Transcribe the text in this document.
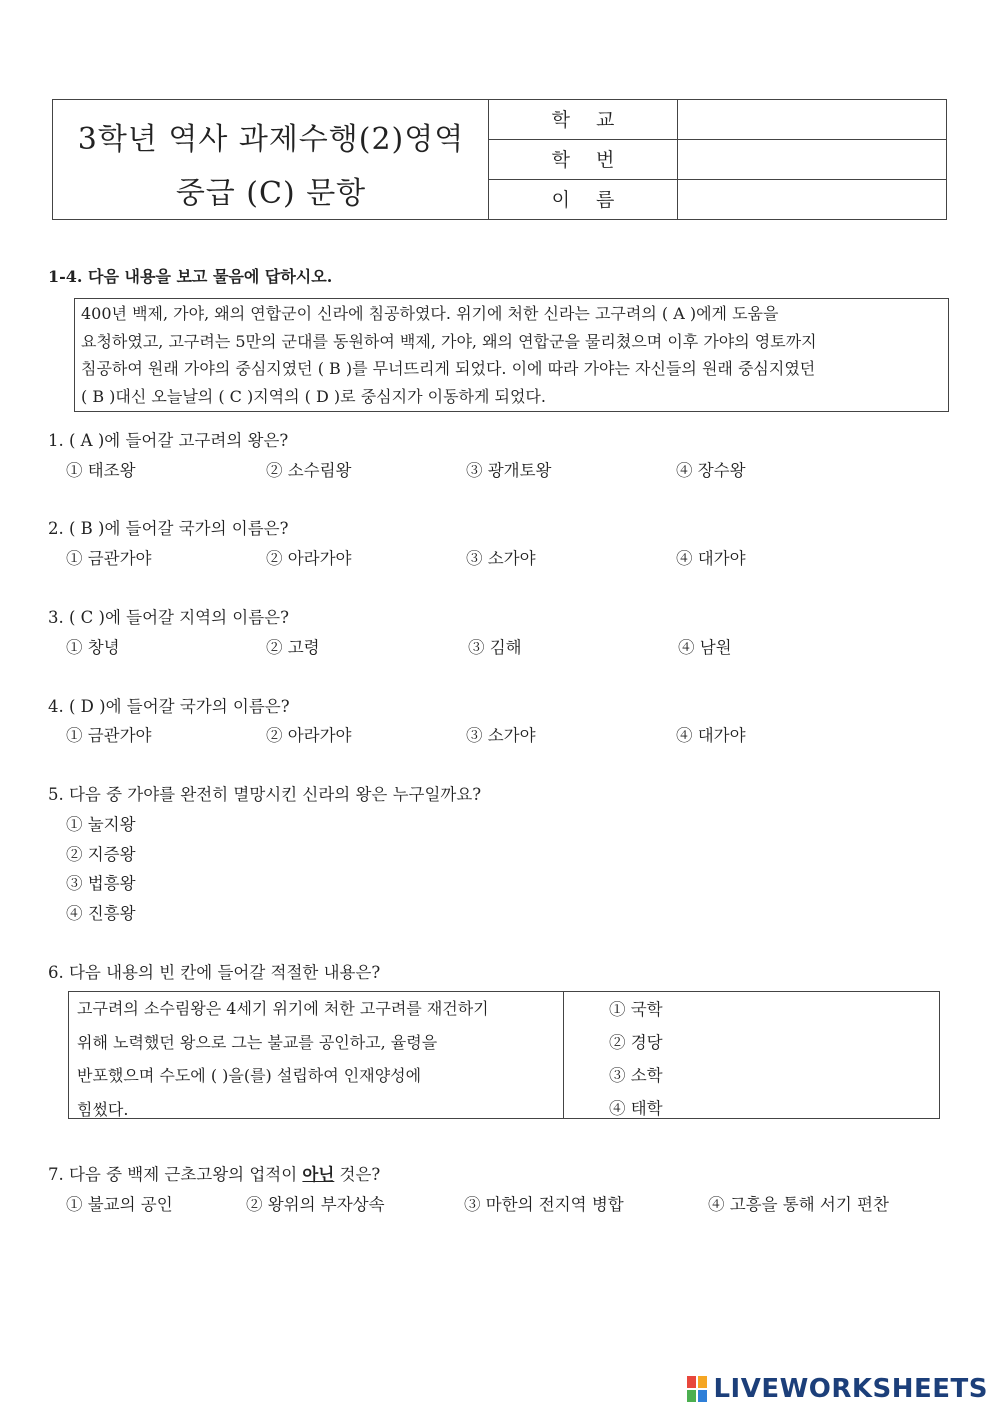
3학년 역사 과제수행(2)영역
중급 (C) 문항
학교
학번
이름
1-4. 다음 내용을 보고 물음에 답하시오.
400년 백제, 가야, 왜의 연합군이 신라에 침공하였다. 위기에 처한 신라는 고구려의 ( A )에게 도움을
요청하였고, 고구려는 5만의 군대를 동원하여 백제, 가야, 왜의 연합군을 물리쳤으며 이후 가야의 영토까지
침공하여 원래 가야의 중심지였던 ( B )를 무너뜨리게 되었다. 이에 따라 가야는 자신들의 원래 중심지였던
( B )대신 오늘날의 ( C )지역의 ( D )로 중심지가 이동하게 되었다.
1. ( A )에 들어갈 고구려의 왕은?
① 태조왕	② 소수림왕	③ 광개토왕	④ 장수왕
2. ( B )에 들어갈 국가의 이름은?
① 금관가야	② 아라가야	③ 소가야	④ 대가야
3. ( C )에 들어갈 지역의 이름은?
① 창녕	② 고령	③ 김해	④ 남원
4. ( D )에 들어갈 국가의 이름은?
① 금관가야	② 아라가야	③ 소가야	④ 대가야
5. 다음 중 가야를 완전히 멸망시킨 신라의 왕은 누구일까요?
① 눌지왕
② 지증왕
③ 법흥왕
④ 진흥왕
6. 다음 내용의 빈 칸에 들어갈 적절한 내용은?
고구려의 소수림왕은 4세기 위기에 처한 고구려를 재건하기
위해 노력했던 왕으로 그는 불교를 공인하고, 율령을
반포했으며 수도에 ( )을(를) 설립하여 인재양성에
힘썼다.
① 국학
② 경당
③ 소학
④ 태학
7. 다음 중 백제 근초고왕의 업적이 아닌 것은?
① 불교의 공인	② 왕위의 부자상속	③ 마한의 전지역 병합	④ 고흥을 통해 서기 편찬
LIVEWORKSHEETS
